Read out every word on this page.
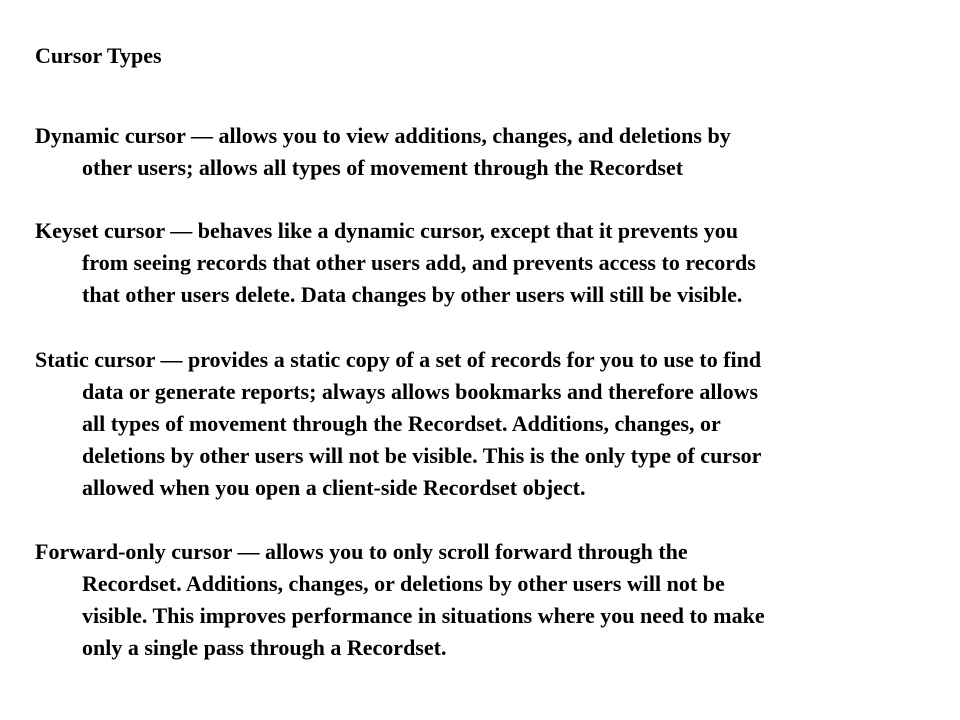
Cursor Types

Dynamic cursor — allows you to view additions, changes, and deletions by
other users; allows all types of movement through the Recordset

Keyset cursor — behaves like a dynamic cursor, except that it prevents you
from seeing records that other users add, and prevents access to records
that other users delete. Data changes by other users will still be visible.

Static cursor — provides a static copy of a set of records for you to use to find
data or generate reports; always allows bookmarks and therefore allows
all types of movement through the Recordset. Additions, changes, or
deletions by other users will not be visible. This is the only type of cursor
allowed when you open a client-side Recordset object.

Forward-only cursor — allows you to only scroll forward through the
Recordset. Additions, changes, or deletions by other users will not be
visible. This improves performance in situations where you need to make
only a single pass through a Recordset.
